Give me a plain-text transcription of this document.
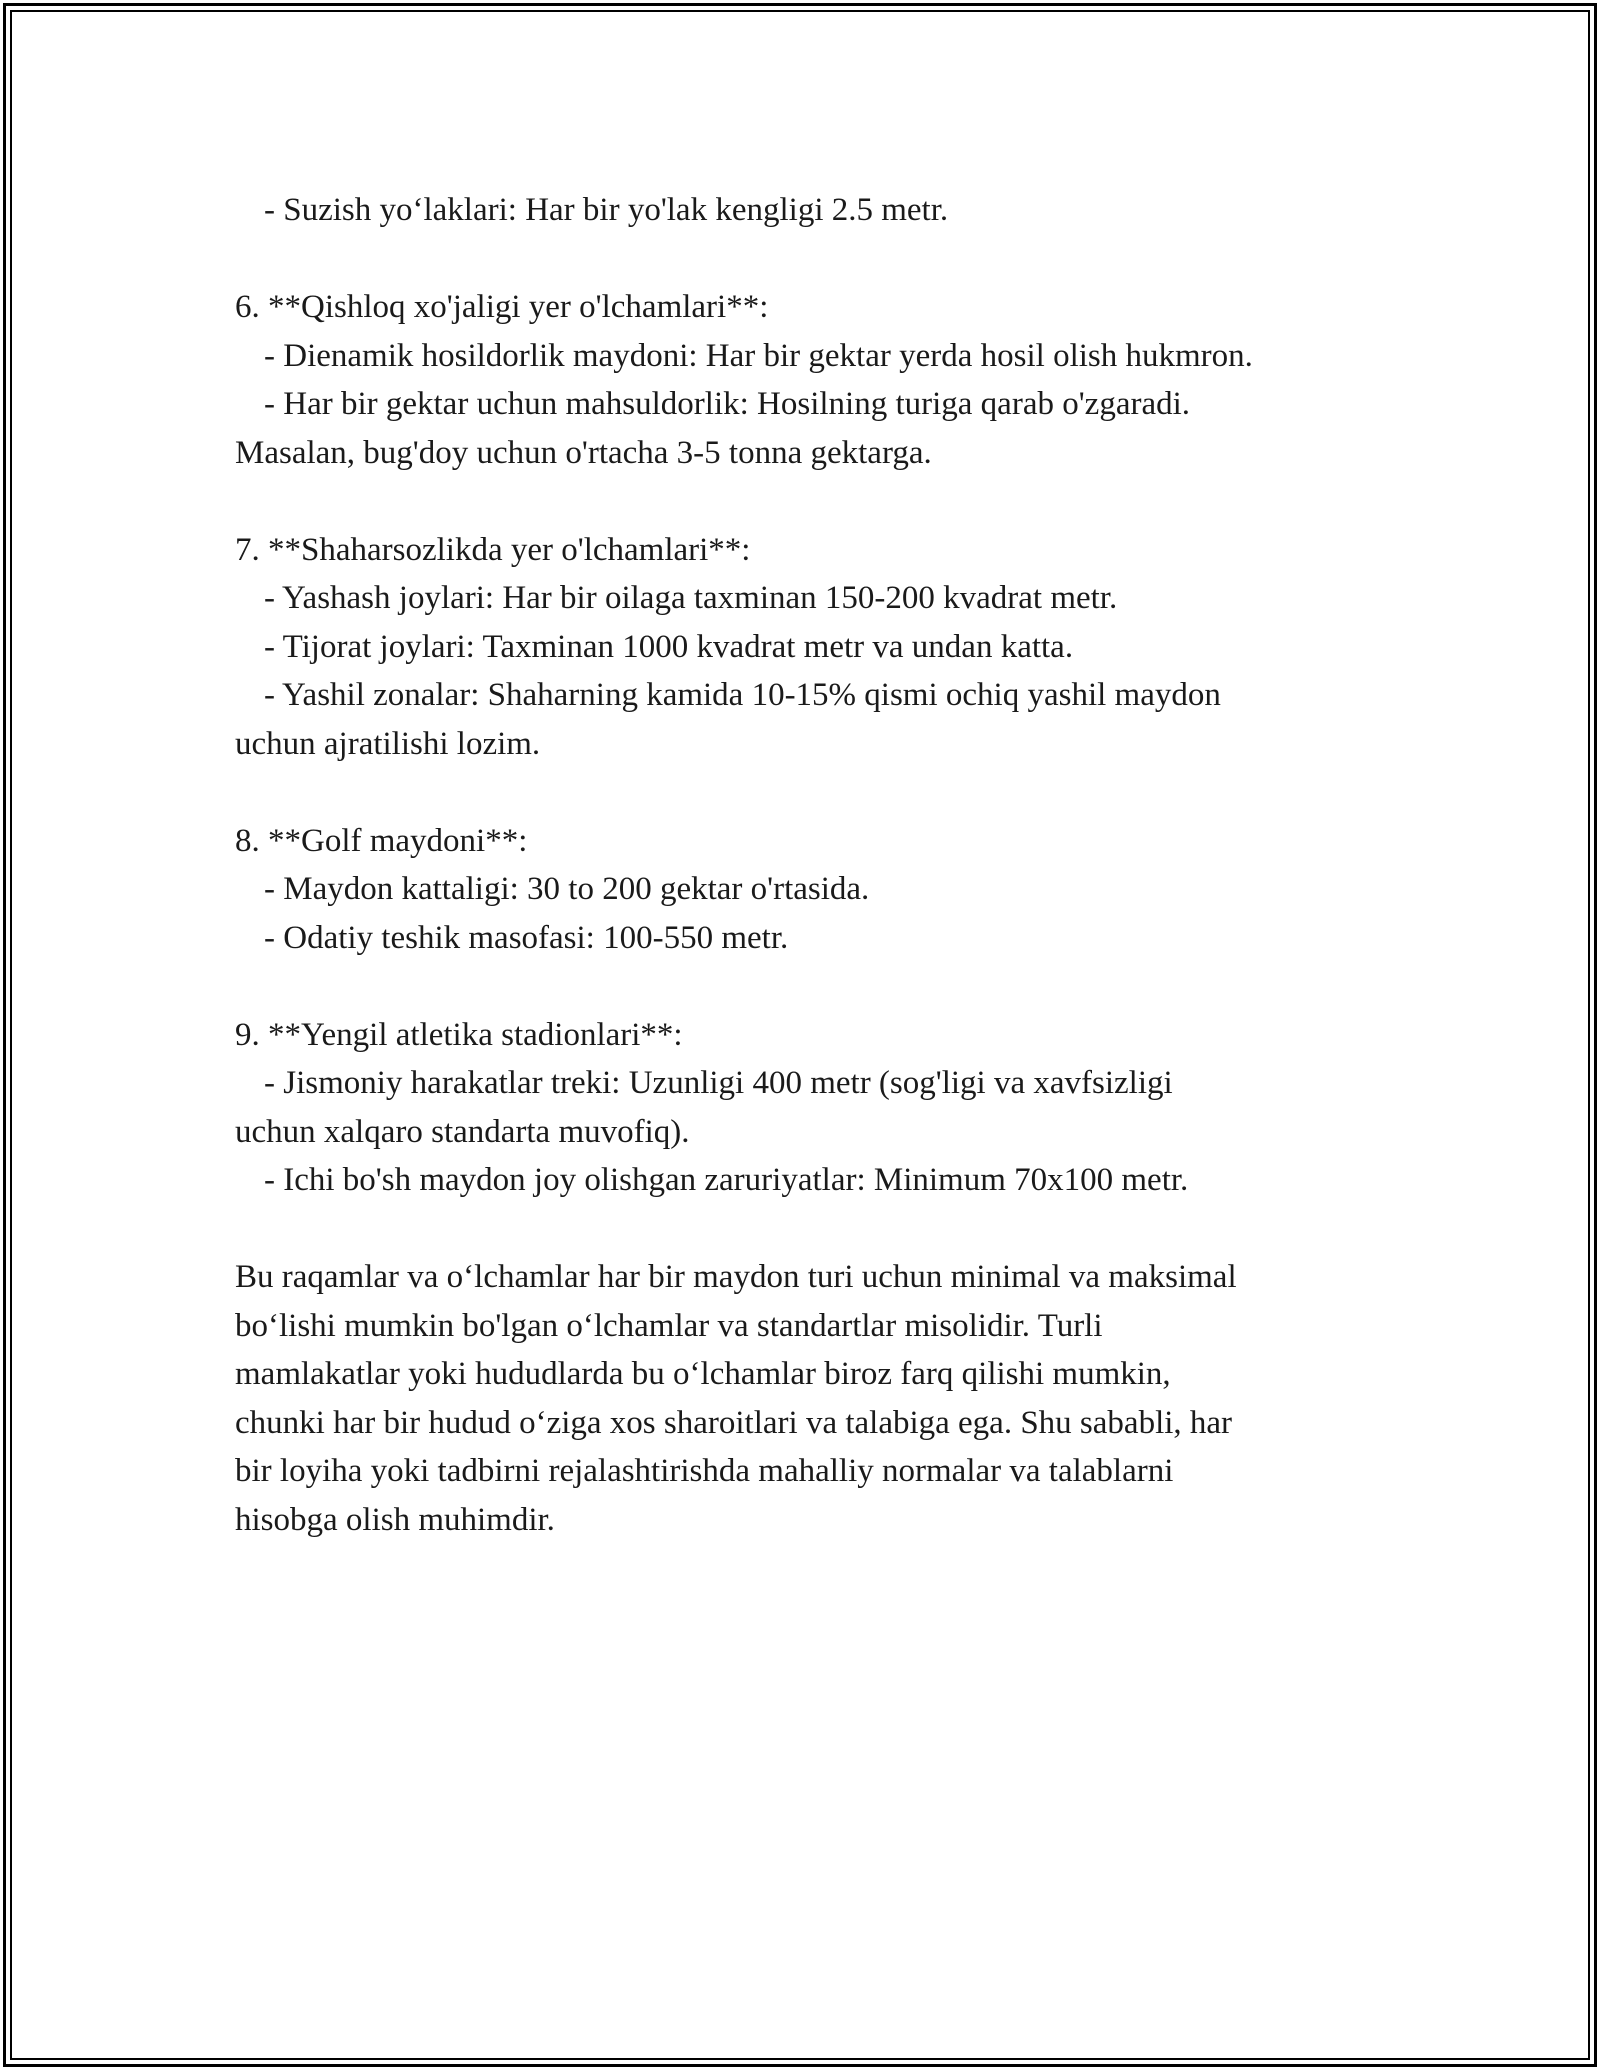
- Suzish yo‘laklari: Har bir yo'lak kengligi 2.5 metr.
6. **Qishloq xo'jaligi yer o'lchamlari**:
- Dienamik hosildorlik maydoni: Har bir gektar yerda hosil olish hukmron.
- Har bir gektar uchun mahsuldorlik: Hosilning turiga qarab o'zgaradi.
Masalan, bug'doy uchun o'rtacha 3-5 tonna gektarga.
7. **Shaharsozlikda yer o'lchamlari**:
- Yashash joylari: Har bir oilaga taxminan 150-200 kvadrat metr.
- Tijorat joylari: Taxminan 1000 kvadrat metr va undan katta.
- Yashil zonalar: Shaharning kamida 10-15% qismi ochiq yashil maydon
uchun ajratilishi lozim.
8. **Golf maydoni**:
- Maydon kattaligi: 30 to 200 gektar o'rtasida.
- Odatiy teshik masofasi: 100-550 metr.
9. **Yengil atletika stadionlari**:
- Jismoniy harakatlar treki: Uzunligi 400 metr (sog'ligi va xavfsizligi
uchun xalqaro standarta muvofiq).
- Ichi bo'sh maydon joy olishgan zaruriyatlar: Minimum 70x100 metr.
Bu raqamlar va o‘lchamlar har bir maydon turi uchun minimal va maksimal
bo‘lishi mumkin bo'lgan o‘lchamlar va standartlar misolidir. Turli
mamlakatlar yoki hududlarda bu o‘lchamlar biroz farq qilishi mumkin,
chunki har bir hudud o‘ziga xos sharoitlari va talabiga ega. Shu sababli, har
bir loyiha yoki tadbirni rejalashtirishda mahalliy normalar va talablarni
hisobga olish muhimdir.
